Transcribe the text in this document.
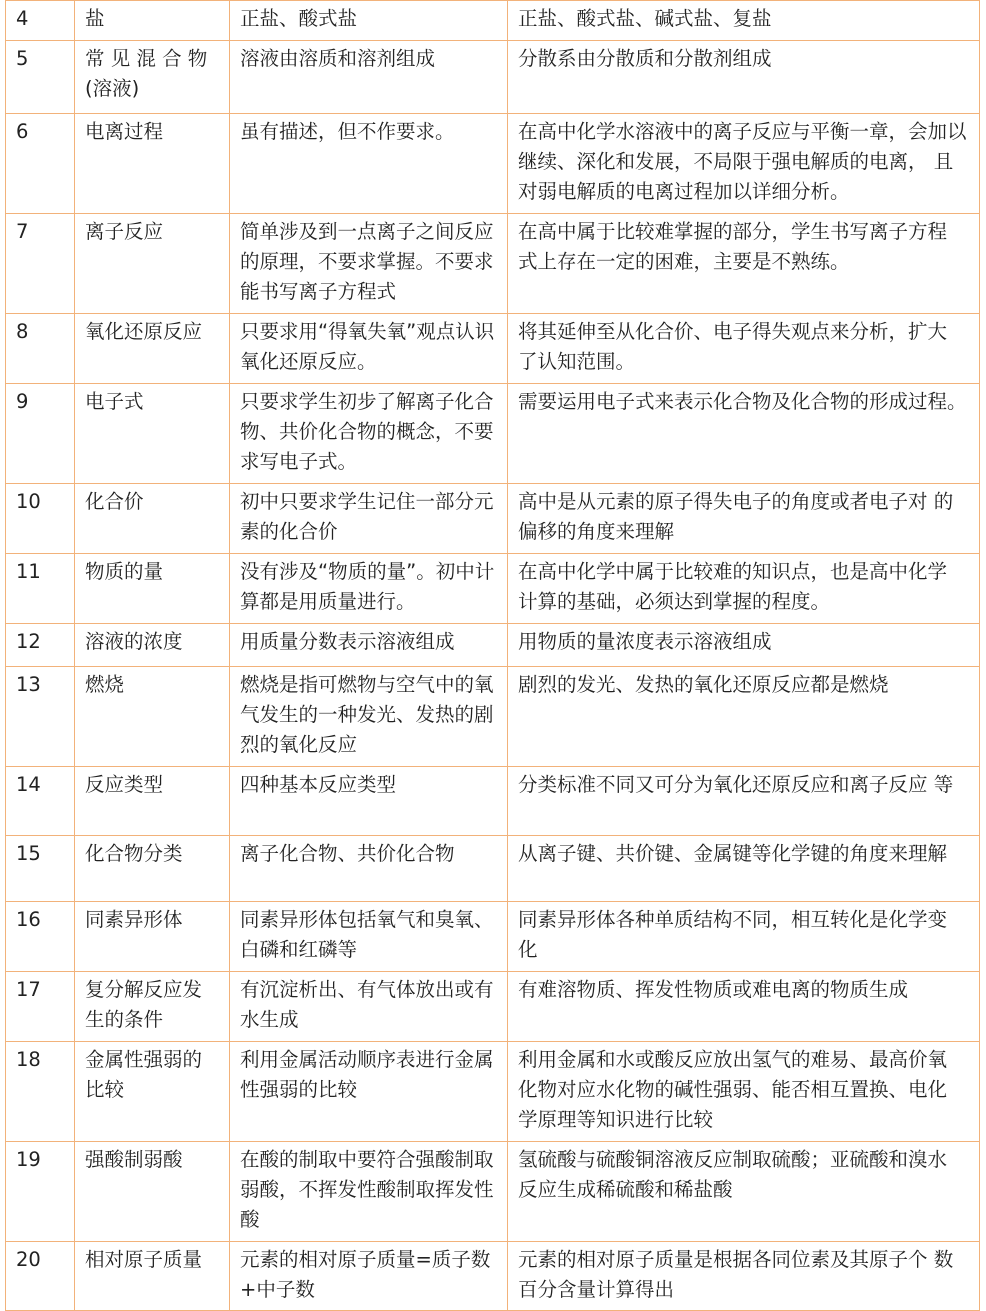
4	盐	正盐、酸式盐	正盐、酸式盐、碱式盐、复盐
5	常 见 混 合 物(溶液)	溶液由溶质和溶剂组成	分散系由分散质和分散剂组成
6	电离过程	虽有描述，但不作要求。	在高中化学水溶液中的离子反应与平衡一章，会加以继续、深化和发展，不局限于强电解质的电离， 且对弱电解质的电离过程加以详细分析。
7	离子反应	简单涉及到一点离子之间反应的原理，不要求掌握。不要求能书写离子方程式	在高中属于比较难掌握的部分，学生书写离子方程 式上存在一定的困难，主要是不熟练。
8	氧化还原反应	只要求用“得氧失氧”观点认识氧化还原反应。	将其延伸至从化合价、电子得失观点来分析，扩大 了认知范围。
9	电子式	只要求学生初步了解离子化合物、共价化合物的概念，不要求写电子式。	需要运用电子式来表示化合物及化合物的形成过程。
10	化合价	初中只要求学生记住一部分元素的化合价	高中是从元素的原子得失电子的角度或者电子对 的偏移的角度来理解
11	物质的量	没有涉及“物质的量”。初中计算都是用质量进行。	在高中化学中属于比较难的知识点，也是高中化学 计算的基础，必须达到掌握的程度。
12	溶液的浓度	用质量分数表示溶液组成	用物质的量浓度表示溶液组成
13	燃烧	燃烧是指可燃物与空气中的氧气发生的一种发光、发热的剧烈的氧化反应	剧烈的发光、发热的氧化还原反应都是燃烧
14	反应类型	四种基本反应类型	分类标准不同又可分为氧化还原反应和离子反应 等
15	化合物分类	离子化合物、共价化合物	从离子键、共价键、金属键等化学键的角度来理解
16	同素异形体	同素异形体包括氧气和臭氧、白磷和红磷等	同素异形体各种单质结构不同，相互转化是化学变 化
17	复分解反应发生的条件	有沉淀析出、有气体放出或有水生成	有难溶物质、挥发性物质或难电离的物质生成
18	金属性强弱的比较	利用金属活动顺序表进行金属性强弱的比较	利用金属和水或酸反应放出氢气的难易、最高价氧 化物对应水化物的碱性强弱、能否相互置换、电化 学原理等知识进行比较
19	强酸制弱酸	在酸的制取中要符合强酸制取弱酸，不挥发性酸制取挥发性酸	氢硫酸与硫酸铜溶液反应制取硫酸；亚硫酸和溴水 反应生成稀硫酸和稀盐酸
20	相对原子质量	元素的相对原子质量=质子数+中子数	元素的相对原子质量是根据各同位素及其原子个 数百分含量计算得出
